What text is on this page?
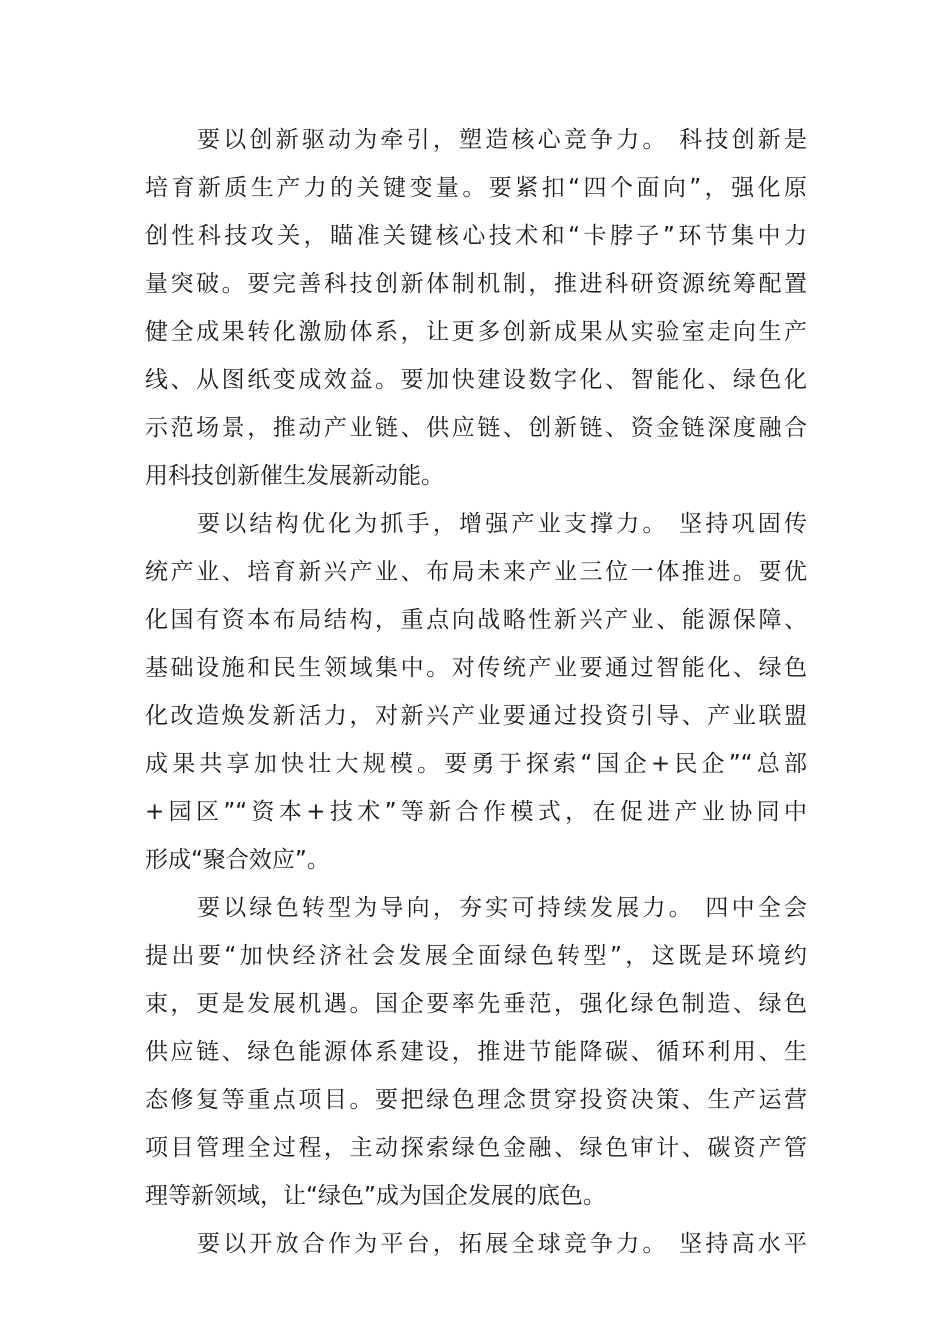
要以创新驱动为牵引，塑造核心竞争力。 科技创新是
培育新质生产力的关键变量。要紧扣“四个面向”，强化原
创性科技攻关，瞄准关键核心技术和“卡脖子”环节集中力
量突破。要完善科技创新体制机制，推进科研资源统筹配置
健全成果转化激励体系，让更多创新成果从实验室走向生产
线、从图纸变成效益。要加快建设数字化、智能化、绿色化
示范场景，推动产业链、供应链、创新链、资金链深度融合
用科技创新催生发展新动能。
要以结构优化为抓手，增强产业支撑力。 坚持巩固传
统产业、培育新兴产业、布局未来产业三位一体推进。要优
化国有资本布局结构，重点向战略性新兴产业、能源保障、
基础设施和民生领域集中。对传统产业要通过智能化、绿色
化改造焕发新活力，对新兴产业要通过投资引导、产业联盟
成果共享加快壮大规模。要勇于探索“国企+民企”“总部
+园区”“资本+技术”等新合作模式，在促进产业协同中
形成“聚合效应”。
要以绿色转型为导向，夯实可持续发展力。 四中全会
提出要“加快经济社会发展全面绿色转型”，这既是环境约
束，更是发展机遇。国企要率先垂范，强化绿色制造、绿色
供应链、绿色能源体系建设，推进节能降碳、循环利用、生
态修复等重点项目。要把绿色理念贯穿投资决策、生产运营
项目管理全过程，主动探索绿色金融、绿色审计、碳资产管
理等新领域，让“绿色”成为国企发展的底色。
要以开放合作为平台，拓展全球竞争力。 坚持高水平
